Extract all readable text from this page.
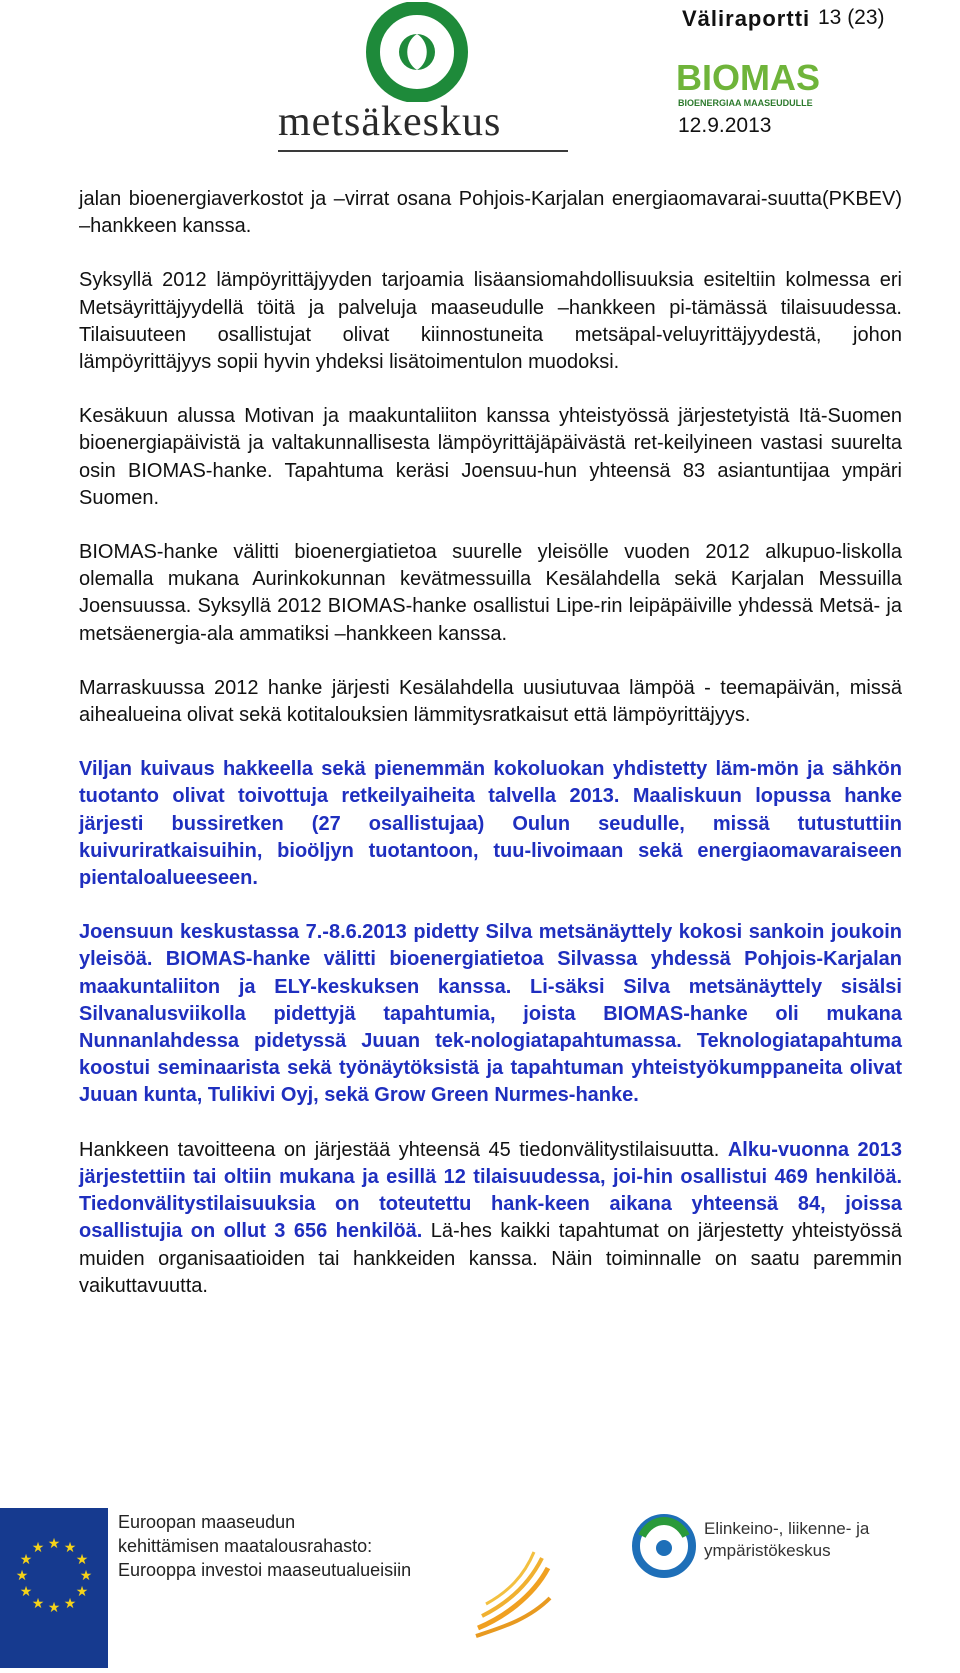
metsäkeskus
Väliraportti 13 (23)
BIOMAS
BIOENERGIAA MAASEUDULLE
12.9.2013

jalan bioenergiaverkostot ja –virrat osana Pohjois-Karjalan energiaomavarai-suutta(PKBEV) –hankkeen kanssa.

Syksyllä 2012 lämpöyrittäjyyden tarjoamia lisäansiomahdollisuuksia esiteltiin kolmessa eri Metsäyrittäjyydellä töitä ja palveluja maaseudulle –hankkeen pi-tämässä tilaisuudessa. Tilaisuuteen osallistujat olivat kiinnostuneita metsäpal-veluyrittäjyydestä, johon lämpöyrittäjyys sopii hyvin yhdeksi lisätoimentulon muodoksi.

Kesäkuun alussa Motivan ja maakuntaliiton kanssa yhteistyössä järjestetyistä Itä-Suomen bioenergiapäivistä ja valtakunnallisesta lämpöyrittäjäpäivästä ret-keilyineen vastasi suurelta osin BIOMAS-hanke. Tapahtuma keräsi Joensuu-hun yhteensä 83 asiantuntijaa ympäri Suomen.

BIOMAS-hanke välitti bioenergiatietoa suurelle yleisölle vuoden 2012 alkupuo-liskolla olemalla mukana Aurinkokunnan kevätmessuilla Kesälahdella sekä Karjalan Messuilla Joensuussa. Syksyllä 2012 BIOMAS-hanke osallistui Lipe-rin leipäpäiville yhdessä Metsä- ja metsäenergia-ala ammatiksi –hankkeen kanssa.

Marraskuussa 2012 hanke järjesti Kesälahdella uusiutuvaa lämpöä - teemapäivän, missä aihealueina olivat sekä kotitalouksien lämmitysratkaisut että lämpöyrittäjyys.

Viljan kuivaus hakkeella sekä pienemmän kokoluokan yhdistetty läm-mön ja sähkön tuotanto olivat toivottuja retkeilyaiheita talvella 2013. Maaliskuun lopussa hanke järjesti bussiretken (27 osallistujaa) Oulun seudulle, missä tutustuttiin kuivuriratkaisuihin, bioöljyn tuotantoon, tuu-livoimaan sekä energiaomavaraiseen pientaloalueeseen.

Joensuun keskustassa 7.-8.6.2013 pidetty Silva metsänäyttely kokosi sankoin joukoin yleisöä. BIOMAS-hanke välitti bioenergiatietoa Silvassa yhdessä Pohjois-Karjalan maakuntaliiton ja ELY-keskuksen kanssa. Li-säksi Silva metsänäyttely sisälsi Silvanalusviikolla pidettyjä tapahtumia, joista BIOMAS-hanke oli mukana Nunnanlahdessa pidetyssä Juuan tek-nologiatapahtumassa. Teknologiatapahtuma koostui seminaarista sekä työnäytöksistä ja tapahtuman yhteistyökumppaneita olivat Juuan kunta, Tulikivi Oyj, sekä Grow Green Nurmes-hanke.

Hankkeen tavoitteena on järjestää yhteensä 45 tiedonvälitystilaisuutta. Alku-vuonna 2013 järjestettiin tai oltiin mukana ja esillä 12 tilaisuudessa, joi-hin osallistui 469 henkilöä. Tiedonvälitystilaisuuksia on toteutettu hank-keen aikana yhteensä 84, joissa osallistujia on ollut 3 656 henkilöä. Lä-hes kaikki tapahtumat on järjestetty yhteistyössä muiden organisaatioiden tai hankkeiden kanssa. Näin toiminnalle on saatu paremmin vaikuttavuutta.

★ ★
★
★
★
★
★
★
★
★
★
★
Euroopan maaseudun
kehittämisen maatalousrahasto:
Eurooppa investoi maaseutualueisiin
Elinkeino-, liikenne- ja
ympäristökeskus
